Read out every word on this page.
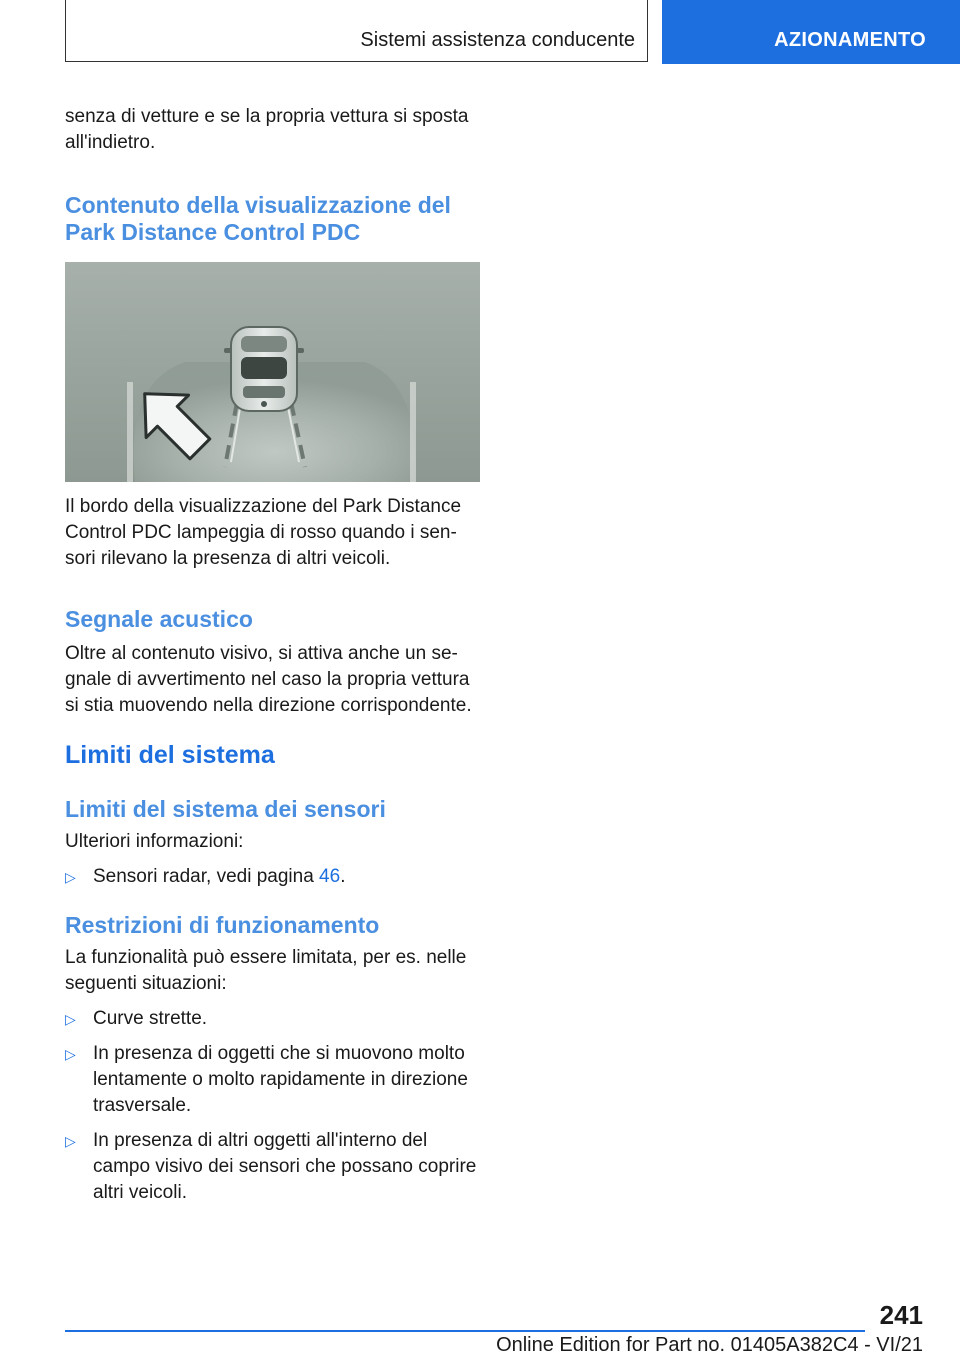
Sistemi assistenza conducente	AZIONAMENTO

senza di vetture e se la propria vettura si sposta all'indietro.

Contenuto della visualizzazione del

Park Distance Control PDC

Il bordo della visualizzazione del Park Distance Control PDC lampeggia di rosso quando i sen-sori rilevano la presenza di altri veicoli.

Segnale acustico

Oltre al contenuto visivo, si attiva anche un se-gnale di avvertimento nel caso la propria vettura si stia muovendo nella direzione corrispondente.

Limiti del sistema

Limiti del sistema dei sensori

Ulteriori informazioni:

▷ Sensori radar, vedi pagina 46.

Restrizioni di funzionamento

La funzionalità può essere limitata, per es. nelle seguenti situazioni:

▷ Curve strette.
▷ In presenza di oggetti che si muovono molto lentamente o molto rapidamente in direzione trasversale.
▷ In presenza di altri oggetti all'interno del campo visivo dei sensori che possano coprire altri veicoli.
241
Online Edition for Part no. 01405A382C4 - VI/21
